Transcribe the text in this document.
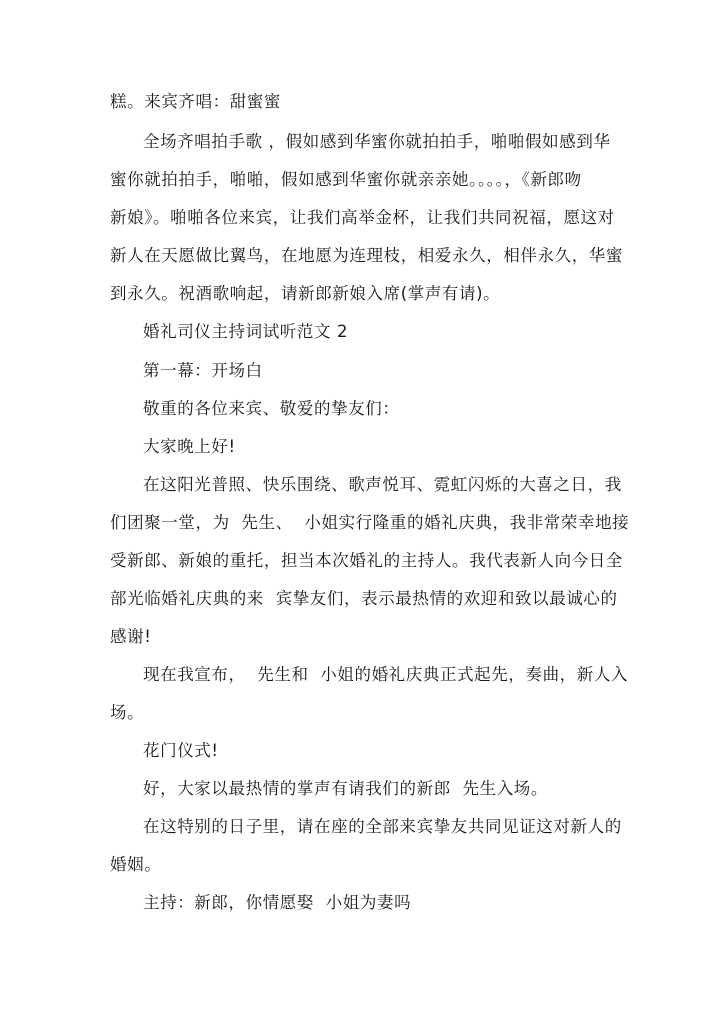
糕。来宾齐唱：甜蜜蜜
全场齐唱拍手歌 ，假如感到华蜜你就拍拍手，啪啪假如感到华
蜜你就拍拍手，啪啪，假如感到华蜜你就亲亲她。。。。，《新郎吻
新娘》。啪啪各位来宾，让我们高举金杯，让我们共同祝福，愿这对
新人在天愿做比翼鸟，在地愿为连理枝，相爱永久，相伴永久，华蜜
到永久。祝酒歌响起，请新郎新娘入席(掌声有请)。
婚礼司仪主持词试听范文 2
第一幕：开场白
敬重的各位来宾、敬爱的挚友们：
大家晚上好!
在这阳光普照、快乐围绕、歌声悦耳、霓虹闪烁的大喜之日，我
们团聚一堂，为  先生、  小姐实行隆重的婚礼庆典，我非常荣幸地接
受新郎、新娘的重托，担当本次婚礼的主持人。我代表新人向今日全
部光临婚礼庆典的来  宾挚友们，表示最热情的欢迎和致以最诚心的
感谢!
现在我宣布，  先生和  小姐的婚礼庆典正式起先，奏曲，新人入
场。
花门仪式!
好，大家以最热情的掌声有请我们的新郎  先生入场。
在这特别的日子里，请在座的全部来宾挚友共同见证这对新人的
婚姻。
主持：新郎，你情愿娶  小姐为妻吗
